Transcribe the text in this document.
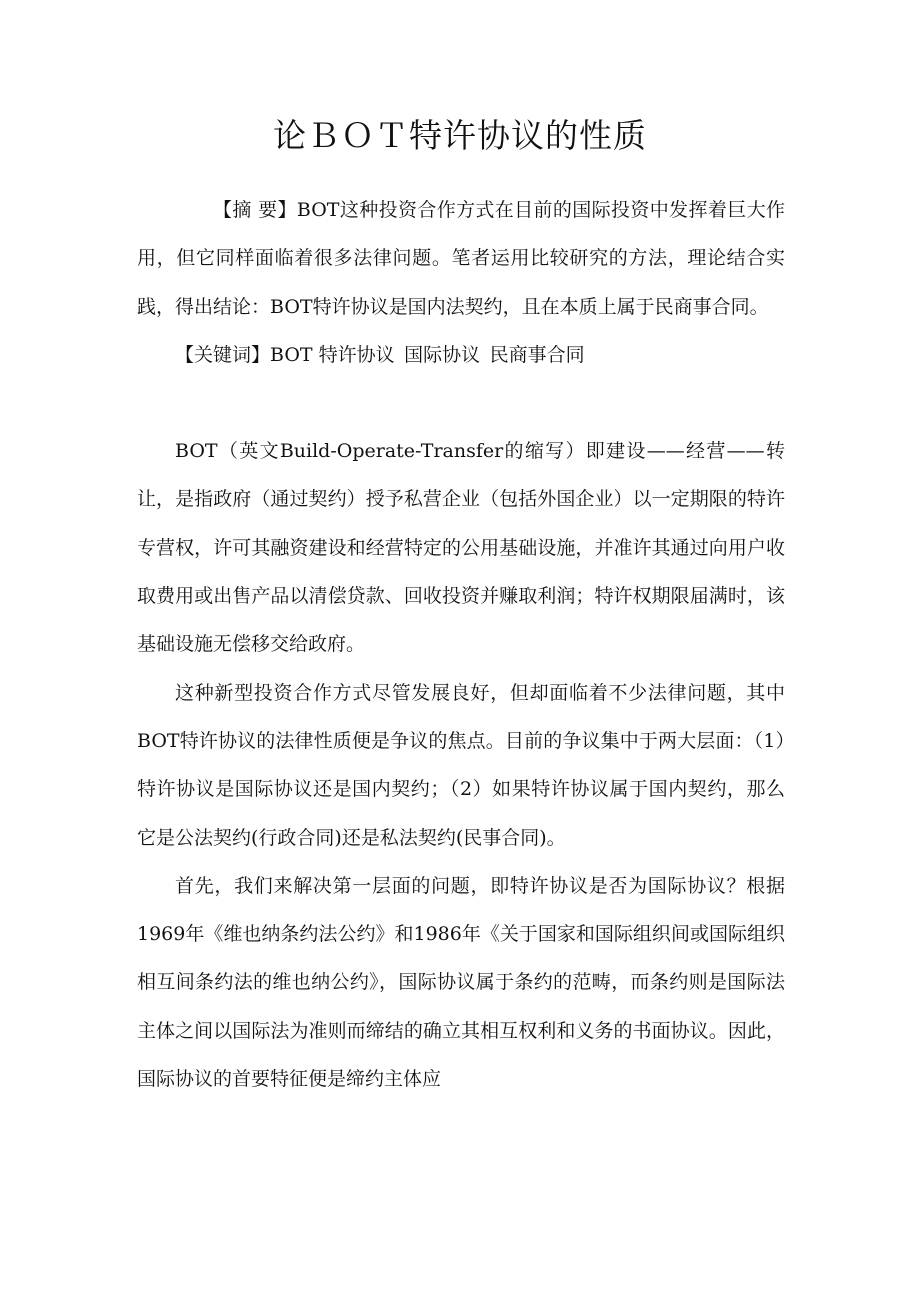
论ＢＯＴ特许协议的性质

【摘 要】BOT这种投资合作方式在目前的国际投资中发挥着巨大作用，但它同样面临着很多法律问题。笔者运用比较研究的方法，理论结合实践，得出结论：BOT特许协议是国内法契约，且在本质上属于民商事合同。

【关键词】BOT 特许协议 国际协议 民商事合同

BOT（英文Build-Operate-Transfer的缩写）即建设——经营——转让，是指政府（通过契约）授予私营企业（包括外国企业）以一定期限的特许专营权，许可其融资建设和经营特定的公用基础设施，并准许其通过向用户收取费用或出售产品以清偿贷款、回收投资并赚取利润；特许权期限届满时，该基础设施无偿移交给政府。

这种新型投资合作方式尽管发展良好，但却面临着不少法律问题，其中BOT特许协议的法律性质便是争议的焦点。目前的争议集中于两大层面：（1）特许协议是国际协议还是国内契约；（2）如果特许协议属于国内契约，那么它是公法契约(行政合同)还是私法契约(民事合同)。

首先，我们来解决第一层面的问题，即特许协议是否为国际协议？根据1969年《维也纳条约法公约》和1986年《关于国家和国际组织间或国际组织相互间条约法的维也纳公约》，国际协议属于条约的范畴，而条约则是国际法主体之间以国际法为准则而缔结的确立其相互权利和义务的书面协议。因此，国际协议的首要特征便是缔约主体应
